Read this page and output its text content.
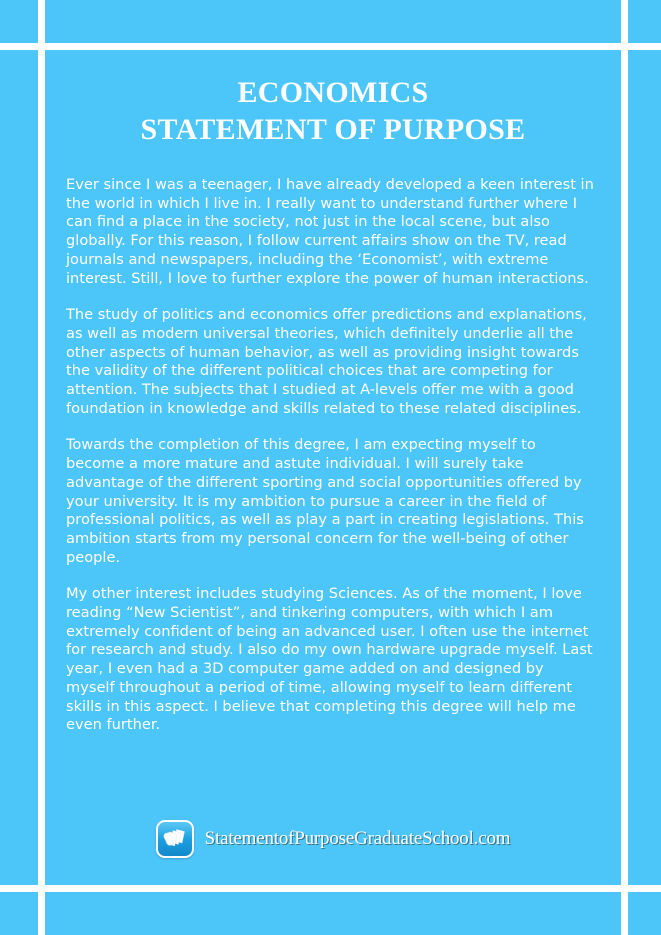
ECONOMICS
STATEMENT OF PURPOSE

Ever since I was a teenager, I have already developed a keen interest in the world in which I live in. I really want to understand further where I can find a place in the society, not just in the local scene, but also globally. For this reason, I follow current affairs show on the TV, read journals and newspapers, including the ‘Economist’, with extreme interest. Still, I love to further explore the power of human interactions.

The study of politics and economics offer predictions and explanations, as well as modern universal theories, which definitely underlie all the other aspects of human behavior, as well as providing insight towards the validity of the different political choices that are competing for attention. The subjects that I studied at A-levels offer me with a good foundation in knowledge and skills related to these related disciplines.

Towards the completion of this degree, I am expecting myself to become a more mature and astute individual. I will surely take advantage of the different sporting and social opportunities offered by your university. It is my ambition to pursue a career in the field of professional politics, as well as play a part in creating legislations. This ambition starts from my personal concern for the well-being of other people.

My other interest includes studying Sciences. As of the moment, I love reading “New Scientist”, and tinkering computers, with which I am extremely confident of being an advanced user. I often use the internet for research and study. I also do my own hardware upgrade myself. Last year, I even had a 3D computer game added on and designed by myself throughout a period of time, allowing myself to learn different skills in this aspect. I believe that completing this degree will help me even further.

StatementofPurposeGraduateSchool.com
